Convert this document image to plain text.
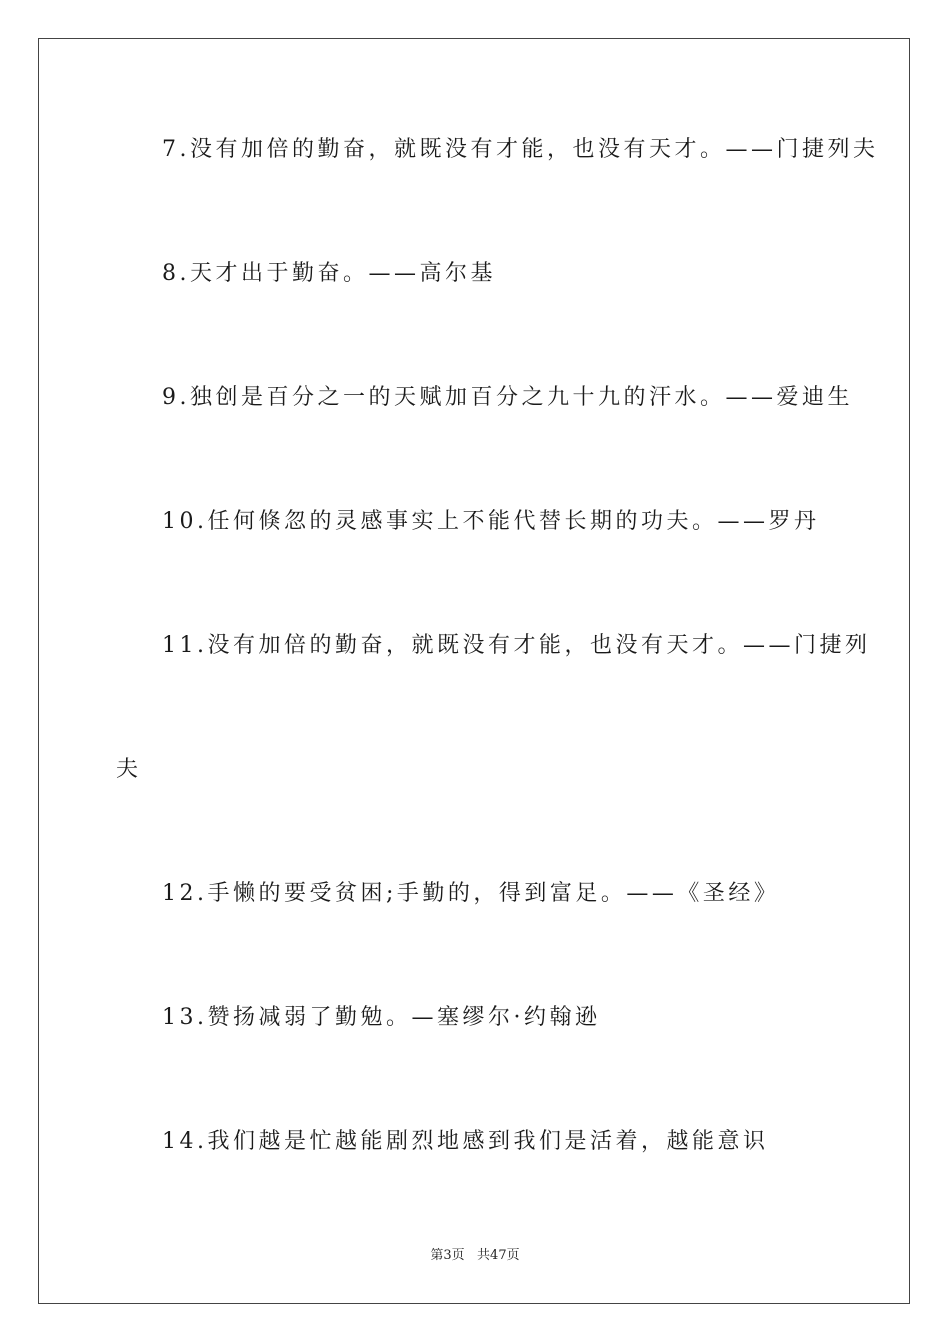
7.没有加倍的勤奋，就既没有才能，也没有天才。——门捷列夫
8.天才出于勤奋。——高尔基
9.独创是百分之一的天赋加百分之九十九的汗水。——爱迪生
10.任何倏忽的灵感事实上不能代替长期的功夫。——罗丹
11.没有加倍的勤奋，就既没有才能，也没有天才。——门捷列
夫
12.手懒的要受贫困;手勤的，得到富足。——《圣经》
13.赞扬减弱了勤勉。—塞缪尔·约翰逊
14.我们越是忙越能剧烈地感到我们是活着，越能意识
第3页   共47页
